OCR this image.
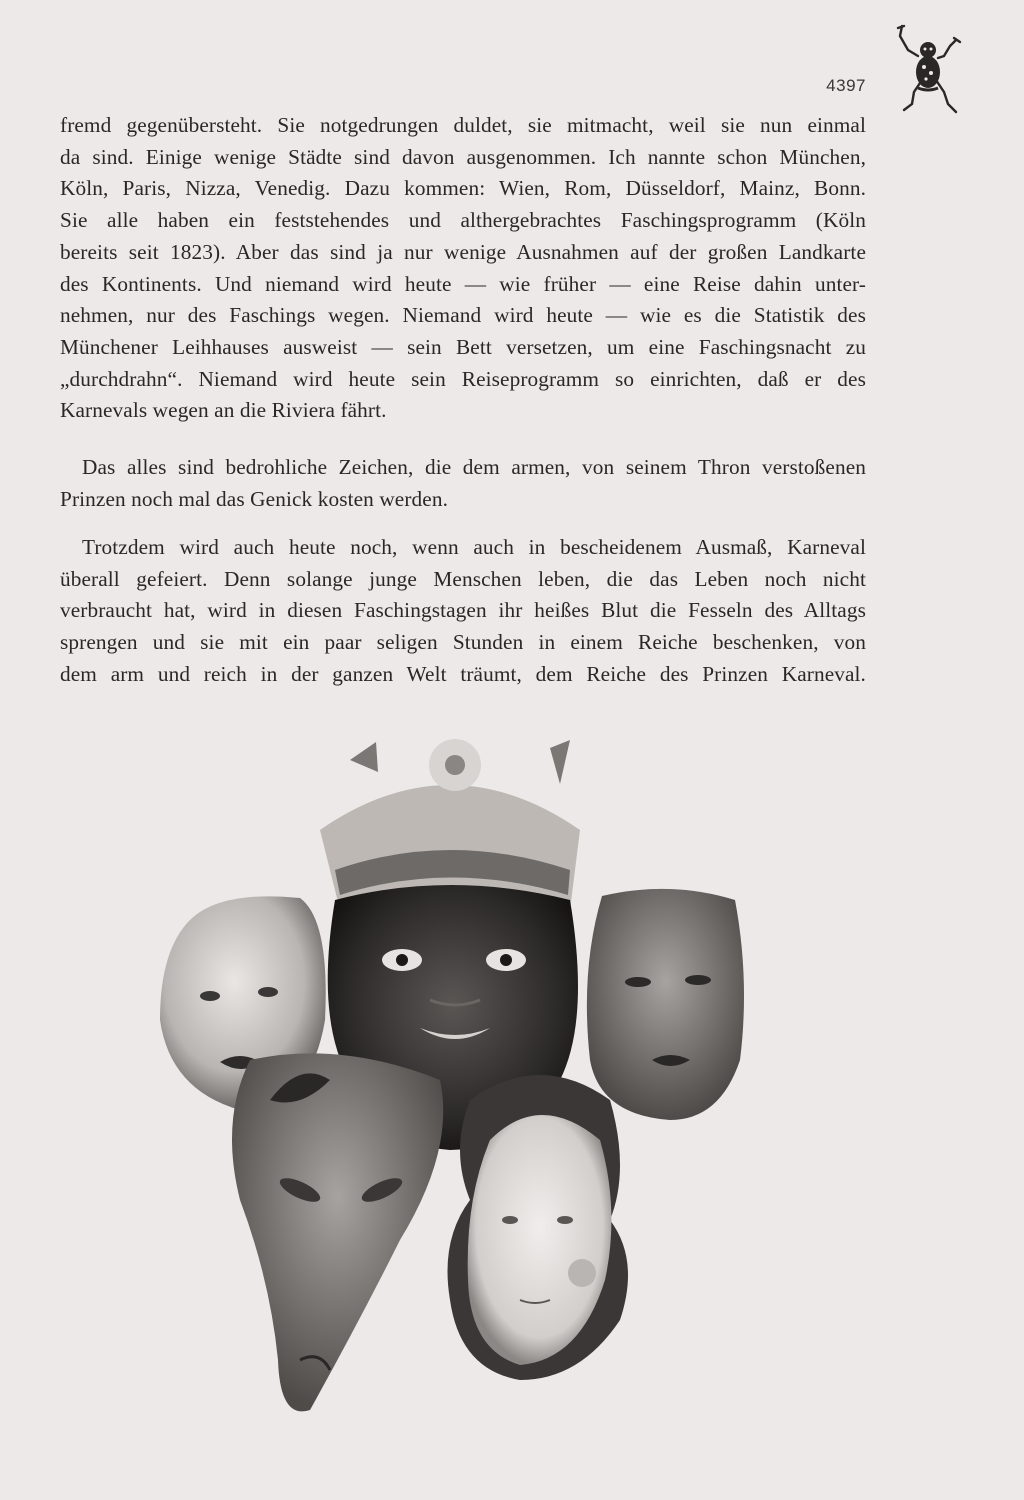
4397

fremd gegenübersteht. Sie notgedrungen duldet, sie mitmacht, weil sie nun einmal
da sind. Einige wenige Städte sind davon ausgenommen. Ich nannte schon München,
Köln, Paris, Nizza, Venedig. Dazu kommen: Wien, Rom, Düsseldorf, Mainz, Bonn.
Sie alle haben ein feststehendes und althergebrachtes Faschingsprogramm (Köln
bereits seit 1823). Aber das sind ja nur wenige Ausnahmen auf der großen Landkarte
des Kontinents. Und niemand wird heute — wie früher — eine Reise dahin unter-
nehmen, nur des Faschings wegen. Niemand wird heute — wie es die Statistik des
Münchener Leihhauses ausweist — sein Bett versetzen, um eine Faschingsnacht zu
„durchdrahn“. Niemand wird heute sein Reiseprogramm so einrichten, daß er des
Karnevals wegen an die Riviera fährt.

Das alles sind bedrohliche Zeichen, die dem armen, von seinem Thron verstoßenen
Prinzen noch mal das Genick kosten werden.

Trotzdem wird auch heute noch, wenn auch in bescheidenem Ausmaß, Karneval
überall gefeiert. Denn solange junge Menschen leben, die das Leben noch nicht
verbraucht hat, wird in diesen Faschingstagen ihr heißes Blut die Fesseln des Alltags
sprengen und sie mit ein paar seligen Stunden in einem Reiche beschenken, von
dem arm und reich in der ganzen Welt träumt, dem Reiche des Prinzen Karneval.
